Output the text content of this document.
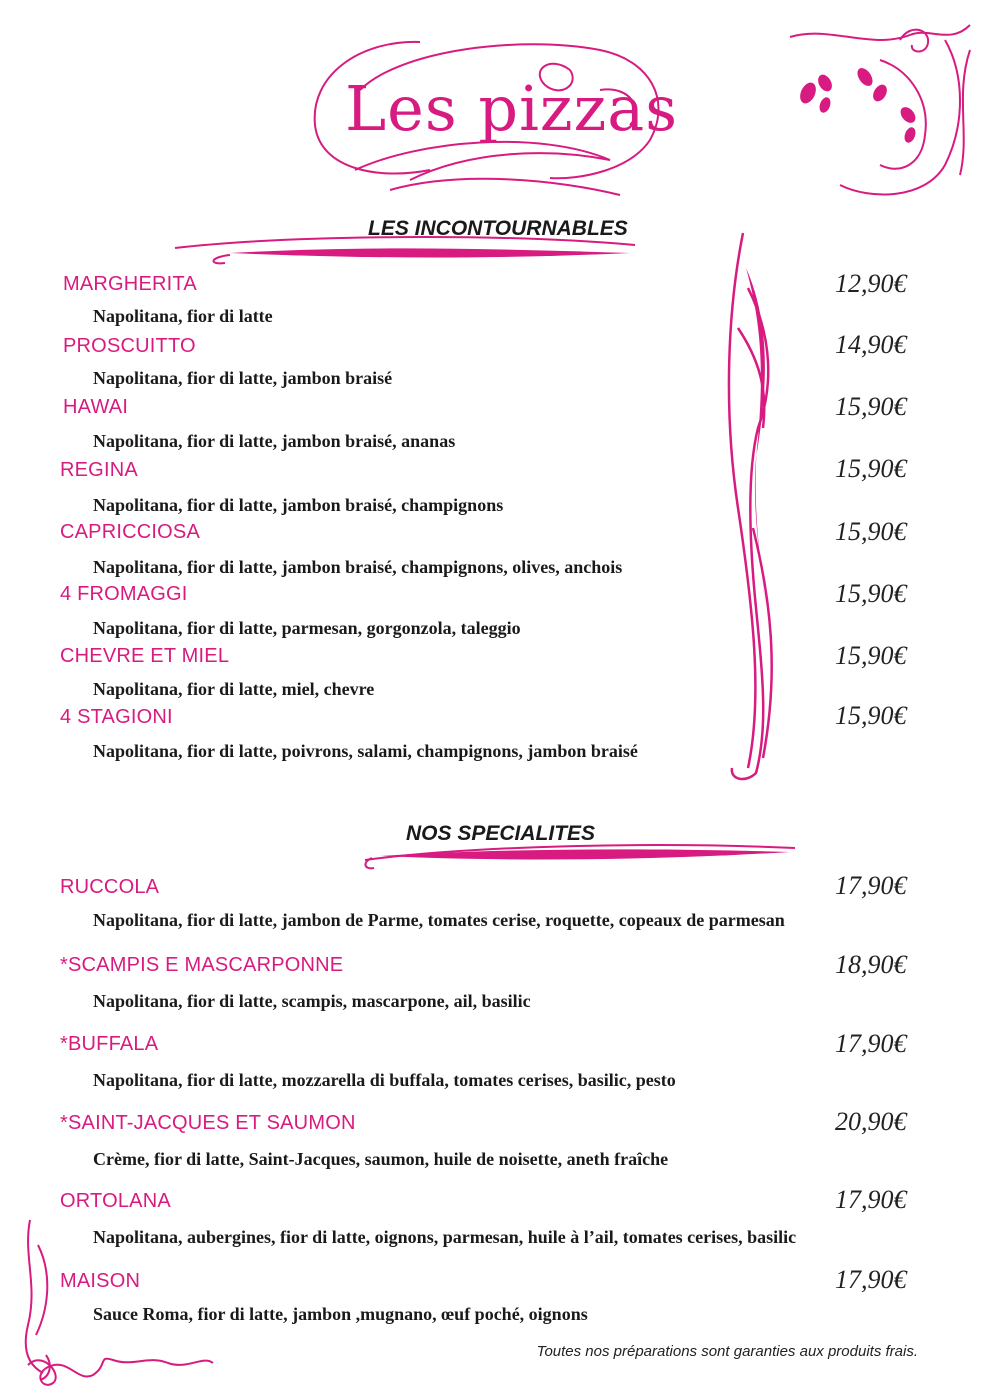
Les pizzas
LES INCONTOURNABLES
MARGHERITA	12,90€
Napolitana, fior di latte
PROSCUITTO	14,90€
Napolitana, fior di latte, jambon braisé
HAWAI	15,90€
Napolitana, fior di latte, jambon braisé, ananas
REGINA	15,90€
Napolitana, fior di latte, jambon braisé, champignons
CAPRICCIOSA	15,90€
Napolitana, fior di latte, jambon braisé, champignons, olives, anchois
4 FROMAGGI	15,90€
Napolitana, fior di latte, parmesan, gorgonzola, taleggio
CHEVRE ET MIEL	15,90€
Napolitana, fior di latte, miel, chevre
4 STAGIONI	15,90€
Napolitana, fior di latte, poivrons, salami, champignons, jambon braisé
NOS SPECIALITES
RUCCOLA	17,90€
Napolitana, fior di latte, jambon de Parme, tomates cerise, roquette, copeaux de parmesan
*SCAMPIS E MASCARPONNE	18,90€
Napolitana, fior di latte, scampis, mascarpone, ail, basilic
*BUFFALA	17,90€
Napolitana, fior di latte, mozzarella di buffala, tomates cerises, basilic, pesto
*SAINT-JACQUES ET SAUMON	20,90€
Crème, fior di latte, Saint-Jacques, saumon, huile de noisette, aneth fraîche
ORTOLANA	17,90€
Napolitana, aubergines, fior di latte, oignons, parmesan, huile à l’ail, tomates cerises, basilic
MAISON	17,90€
Sauce Roma, fior di latte, jambon ,mugnano, œuf poché, oignons
Toutes nos préparations sont garanties aux produits frais.
